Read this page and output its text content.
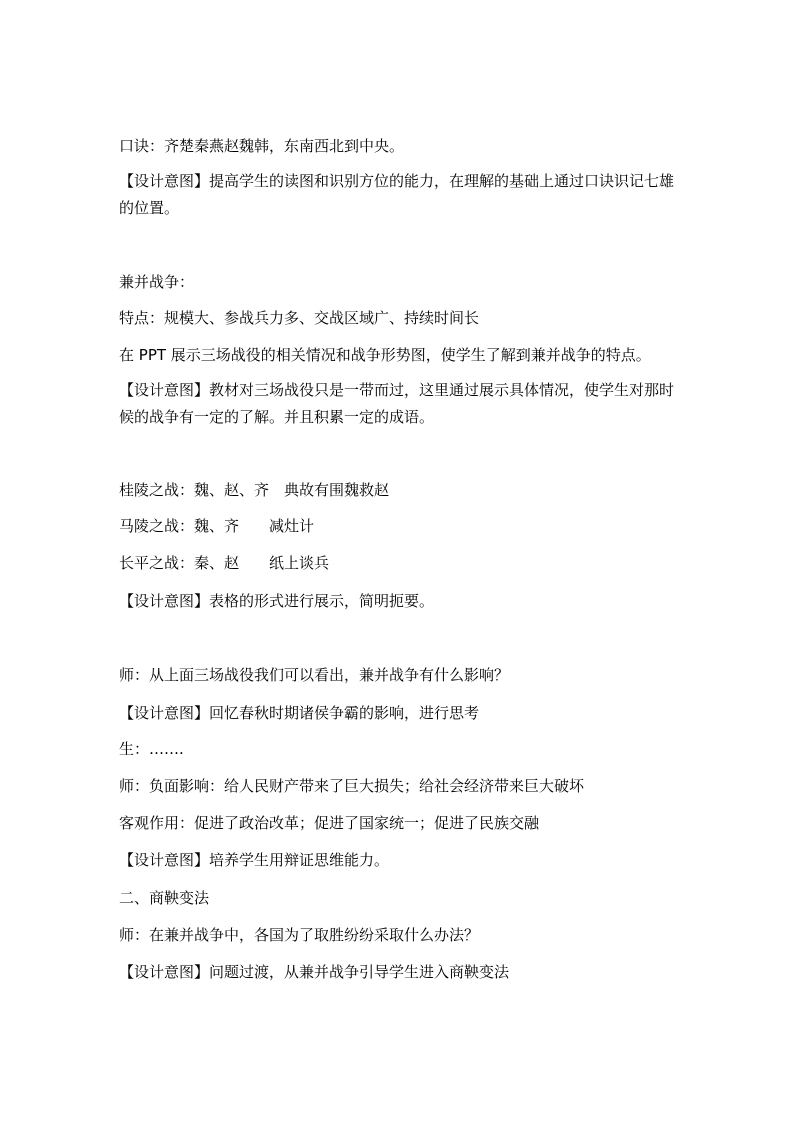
口诀：齐楚秦燕赵魏韩，东南西北到中央。
【设计意图】提高学生的读图和识别方位的能力，在理解的基础上通过口诀识记七雄的位置。
兼并战争：
特点：规模大、参战兵力多、交战区域广、持续时间长
在 PPT 展示三场战役的相关情况和战争形势图，使学生了解到兼并战争的特点。
【设计意图】教材对三场战役只是一带而过，这里通过展示具体情况，使学生对那时候的战争有一定的了解。并且积累一定的成语。
桂陵之战：魏、赵、齐　典故有围魏救赵
马陵之战：魏、齐　　减灶计
长平之战：秦、赵　　纸上谈兵
【设计意图】表格的形式进行展示，简明扼要。
师：从上面三场战役我们可以看出，兼并战争有什么影响？
【设计意图】回忆春秋时期诸侯争霸的影响，进行思考
生：…….
师：负面影响：给人民财产带来了巨大损失；给社会经济带来巨大破坏
客观作用：促进了政治改革；促进了国家统一；促进了民族交融
【设计意图】培养学生用辩证思维能力。
二、商鞅变法
师：在兼并战争中，各国为了取胜纷纷采取什么办法？
【设计意图】问题过渡，从兼并战争引导学生进入商鞅变法
